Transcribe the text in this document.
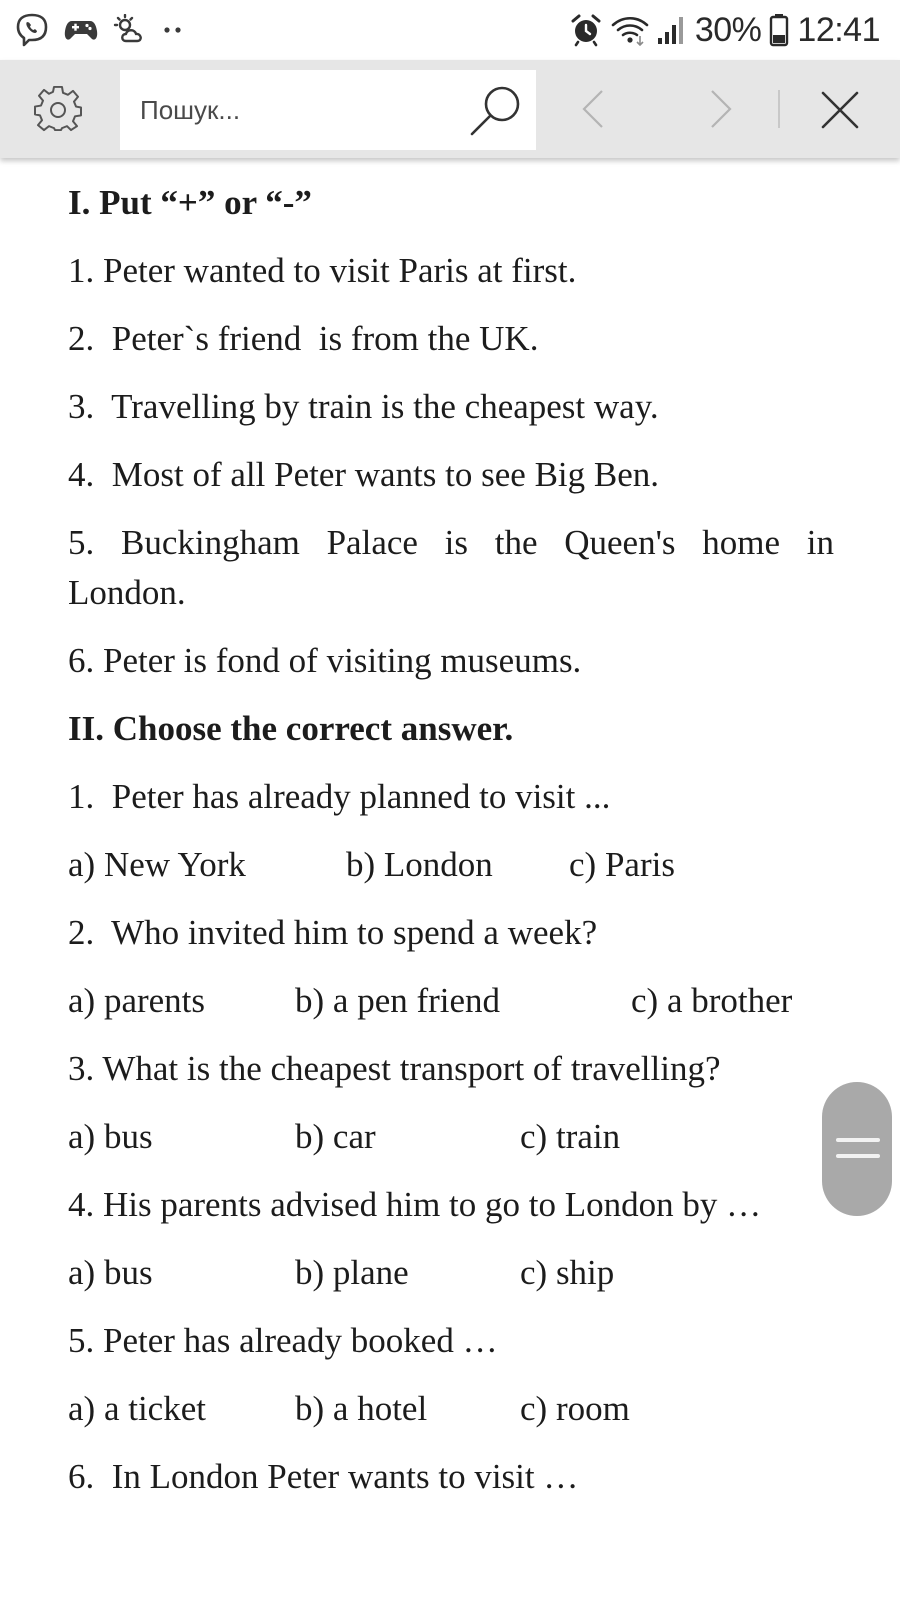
30% 12:41
Пошук...

I. Put “+” or “-”

1. Peter wanted to visit Paris at first.

2.  Peter`s friend  is from the UK.

3.  Travelling by train is the cheapest way.

4.  Most of all Peter wants to see Big Ben.

5. Buckingham Palace is the Queen's home in London.

6. Peter is fond of visiting museums.

II. Choose the correct answer.

1.  Peter has already planned to visit ...

a) New York	b) London	c) Paris

2.  Who invited him to spend a week?

a) parents	b) a pen friend	c) a brother

3. What is the cheapest transport of travelling?

a) bus	b) car	c) train

4. His parents advised him to go to London by …

a) bus	b) plane	c) ship

5. Peter has already booked …

a) a ticket	b) a hotel	c) room

6.  In London Peter wants to visit …
